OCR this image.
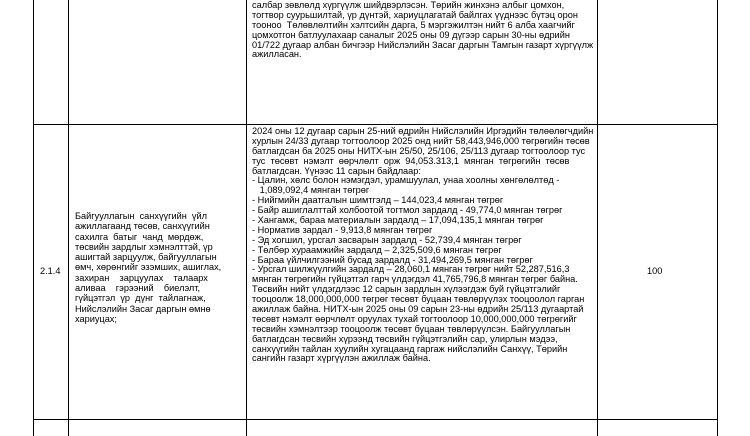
салбар зөвлөлд хүргүүлж шийдвэрлэсэн. Төрийн жинхэнэ албыг цомхон,
тогтвор суурьшилтай, үр дүнтэй, хариуцлагатай байлгах үүднээс бүтэц орон
тооноо  Төлөвлөлтийн хэлтсийн дарга, 5 мэргэжилтэн нийт 6 алба хаагчийг
цомхотгон батлуулахаар саналыг 2025 оны 09 дүгээр сарын 30-ны өдрийн
01/722 дугаар албан бичгээр Нийслэлийн Засаг даргын Тамгын газарт хүргүүлж
ажилласан.
2.1.4
Байгууллагын  санхүүгийн  үйл
ажиллагаанд төсөв, санхүүгийн
сахилга  батыг  чанд  мөрдөж,
төсвийн зардлыг хэмнэлттэй, үр
ашигтай зарцуулж, байгууллагын
өмч, хөрөнгийг эзэмших, ашиглах,
захиран    зарцуулах    талаарх
аливаа    гэрээний    биелэлт,
гүйцэтгэл  үр  дүнг  тайлагнаж,
Нийслэлийн Засаг даргын өмнө
хариуцах;
2024 оны 12 дугаар сарын 25-ний өдрийн Нийслэлийн Иргэдийн төлөөлөгчдийн
хурлын 24/33 дугаар тогтоолоор 2025 онд нийт 58,443,946,000 төгрөгийн төсөв
батлагдсан ба 2025 оны НИТХ-ын 25/50, 25/106, 25/113 дугаар тогтоолоор тус
тус  төсөвт  нэмэлт  өөрчлөлт  орж  94,053.313,1  мянган  төгрөгийн  төсөв
батлагдсан. Үүнээс 11 сарын байдлаар:
- Цалин, хөлс болон нэмэгдэл, урамшуулал, унаа хоолны хөнгөлөлтөд -
1,089,092,4 мянган төгрөг
- Нийгмийн даатгалын шимтгэлд – 144,023,4 мянган төгрөг
- Байр ашиглалттай холбоотой тогтмол зардалд - 49,774,0 мянган төгрөг
- Хангамж, бараа материалын зардалд – 17,094,135,1 мянган төгрөг
- Норматив зардал - 9,913,8 мянган төгрөг
- Эд хогшил, урсгал засварын зардалд - 52,739,4 мянган төгрөг
- Төлбөр хураамжийн зардалд – 2,325,509,6 мянган төгрөг
- Бараа үйлчилгээний бусад зардалд - 31,494,269,5 мянган төгрөг
- Урсгал шилжүүлгийн зардалд – 28,060,1 мянган төгрөг нийт 52,287,516,3
мянган төгрөгийн гүйцэтгэл гарч үлдэгдэл 41,765,796,8 мянган төгрөг байна.
Төсвийн нийт үлдэгдлээс 12 сарын зардлын хүлээгдэж буй гүйцэтгэлийг
тооцоолж 18,000,000,000 төгрөг төсөвт буцаан төвлөрүүлэх тооцоолол гарган
ажиллаж байна. НИТХ-ын 2025 оны 09 сарын 23-ны өдрийн 25/113 дугаартай
төсөвт нэмэлт өөрчлөлт оруулах тухай тогтоолоор 10,000,000,000 төгрөгийг
төсвийн хэмнэлтээр тооцоолж төсөвт буцаан төвлөрүүлсэн. Байгууллагын
батлагдсан төсвийн хүрээнд төсвийн гүйцэтгэлийн сар, улирлын мэдээ,
санхүүгийн тайлан хуулийн хугацаанд гаргаж нийслэлийн Санхүү, Төрийн
сангийн газарт хүргүүлэн ажиллаж байна.
100
